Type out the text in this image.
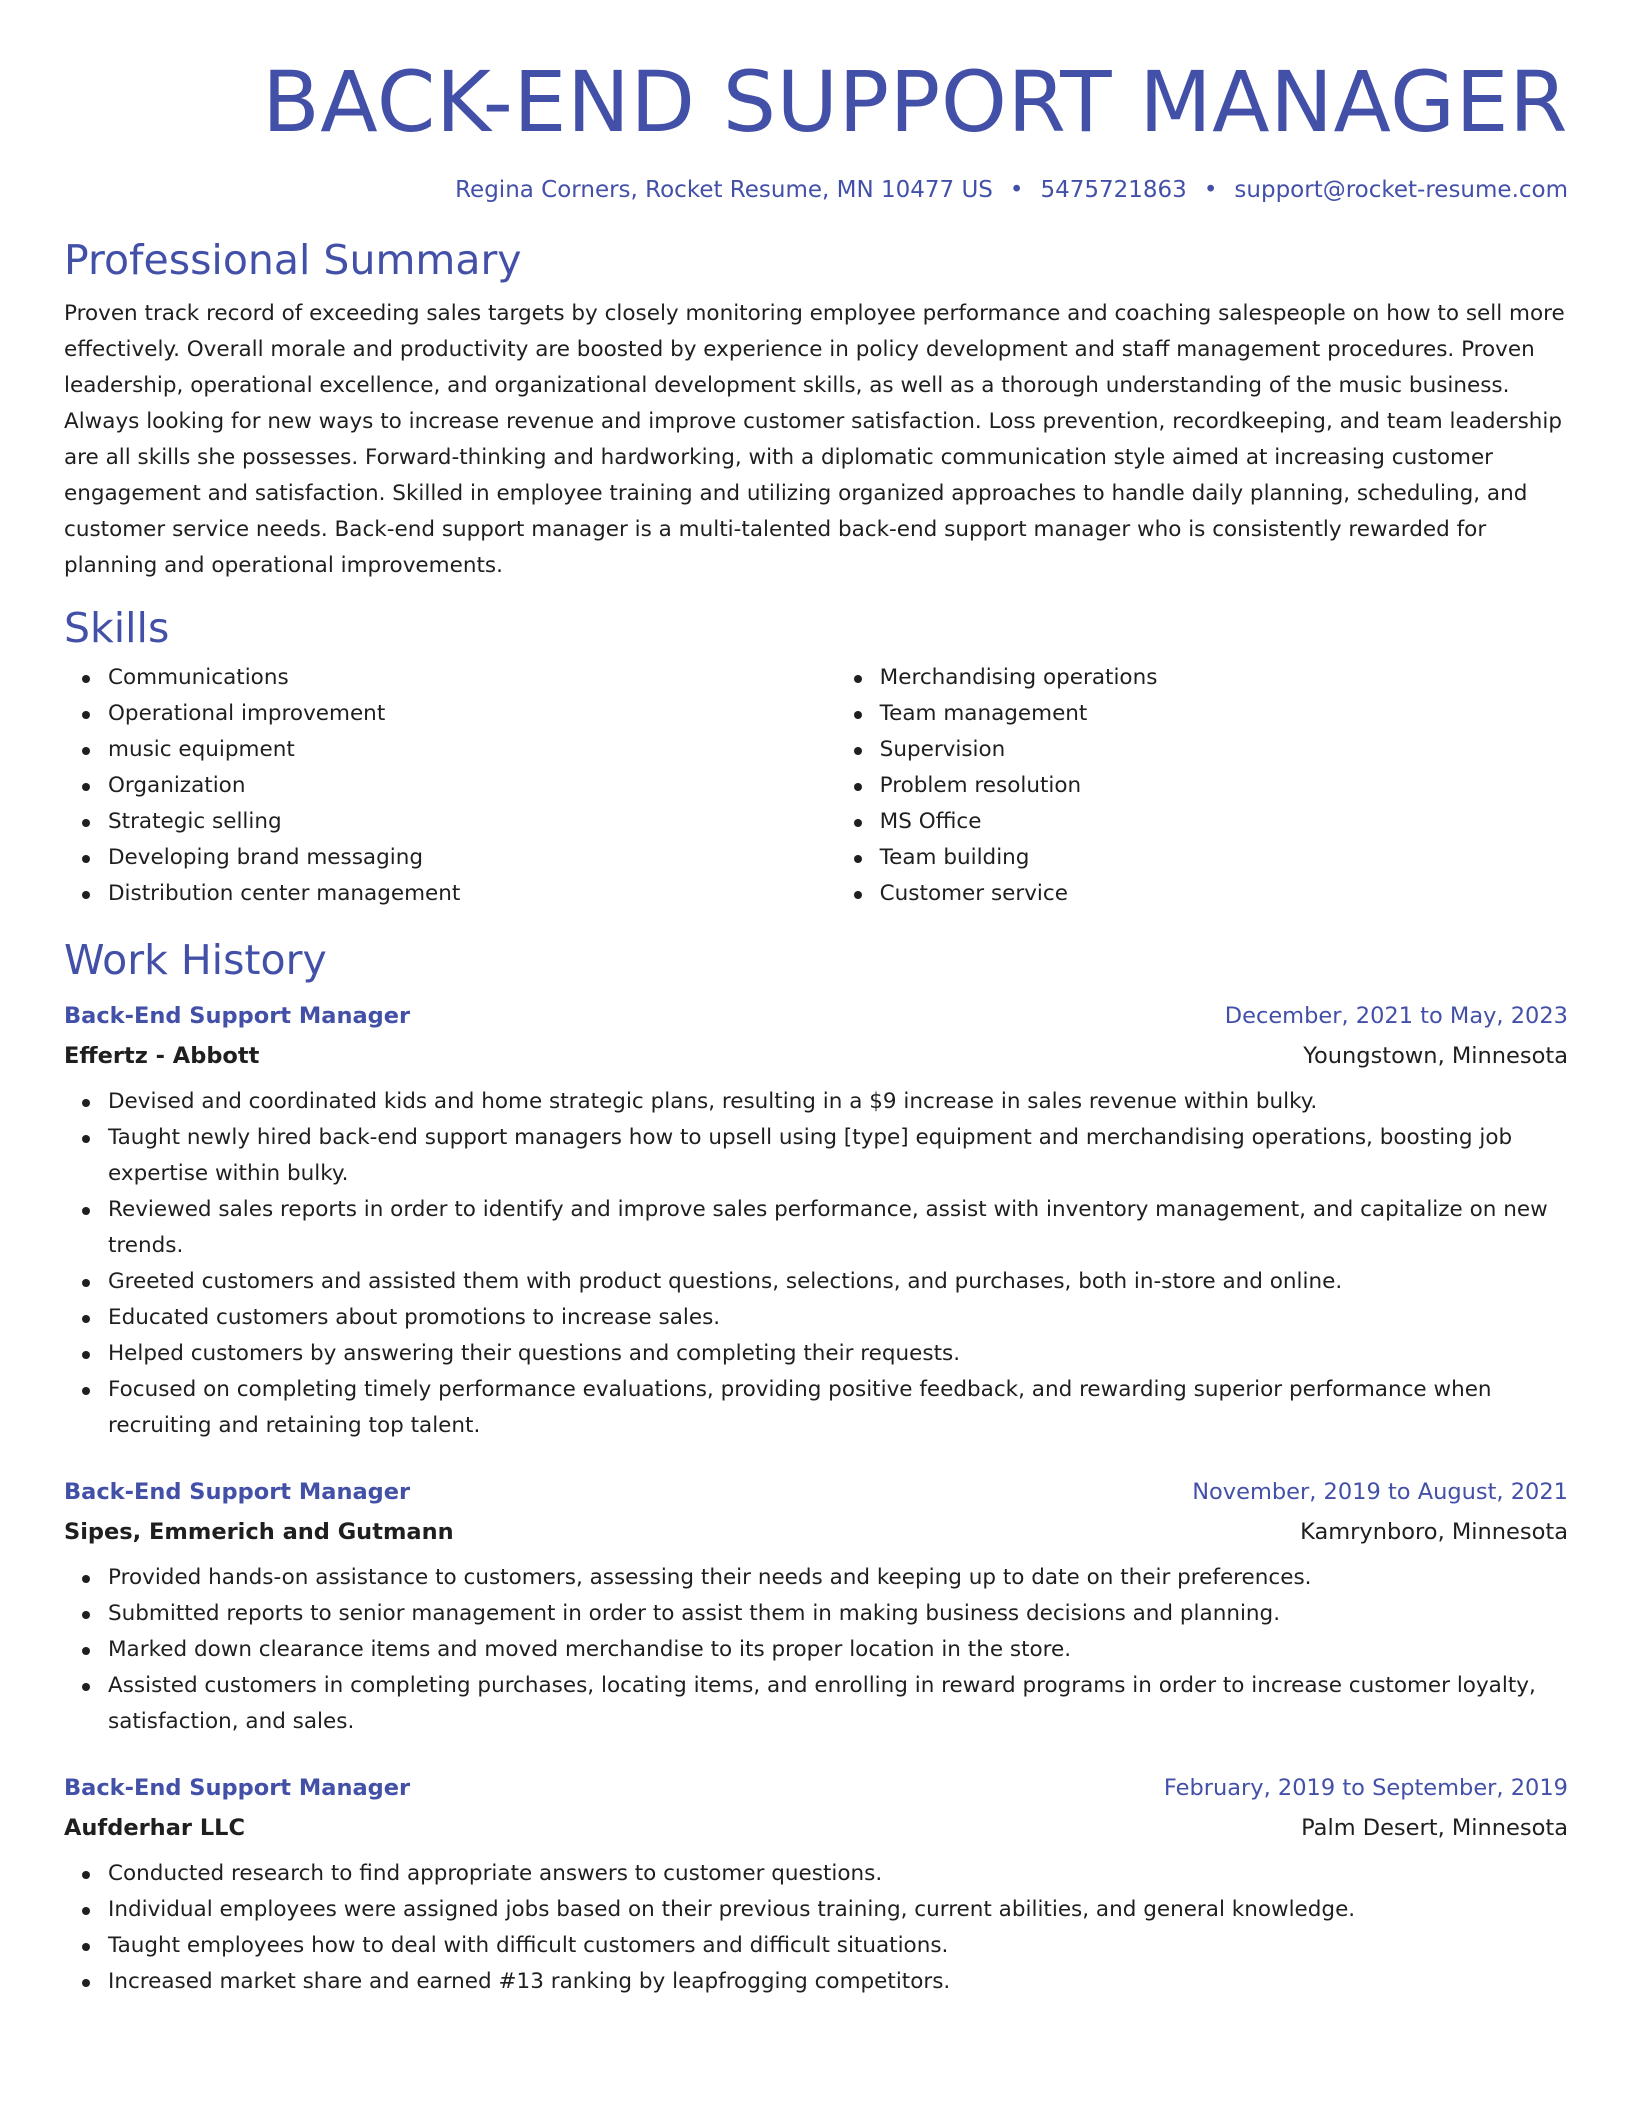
BACK-END SUPPORT MANAGER
Regina Corners, Rocket Resume, MN 10477 US • 5475721863 • support@rocket-resume.com
Professional Summary

Proven track record of exceeding sales targets by closely monitoring employee performance and coaching salespeople on how to sell more effectively. Overall morale and productivity are boosted by experience in policy development and staff management procedures. Proven leadership, operational excellence, and organizational development skills, as well as a thorough understanding of the music business. Always looking for new ways to increase revenue and improve customer satisfaction. Loss prevention, recordkeeping, and team leadership are all skills she possesses. Forward-thinking and hardworking, with a diplomatic communication style aimed at increasing customer engagement and satisfaction. Skilled in employee training and utilizing organized approaches to handle daily planning, scheduling, and customer service needs. Back-end support manager is a multi-talented back-end support manager who is consistently rewarded for planning and operational improvements.

Skills
Communications
Operational improvement
music equipment
Organization
Strategic selling
Developing brand messaging
Distribution center management
Merchandising operations
Team management
Supervision
Problem resolution
MS Office
Team building
Customer service
Work History
Back-End Support Manager	December, 2021 to May, 2023
Effertz - Abbott	Youngstown, Minnesota
Devised and coordinated kids and home strategic plans, resulting in a $9 increase in sales revenue within bulky.
Taught newly hired back-end support managers how to upsell using [type] equipment and merchandising operations, boosting job expertise within bulky.
Reviewed sales reports in order to identify and improve sales performance, assist with inventory management, and capitalize on new trends.
Greeted customers and assisted them with product questions, selections, and purchases, both in-store and online.
Educated customers about promotions to increase sales.
Helped customers by answering their questions and completing their requests.
Focused on completing timely performance evaluations, providing positive feedback, and rewarding superior performance when recruiting and retaining top talent.
Back-End Support Manager	November, 2019 to August, 2021
Sipes, Emmerich and Gutmann	Kamrynboro, Minnesota
Provided hands-on assistance to customers, assessing their needs and keeping up to date on their preferences.
Submitted reports to senior management in order to assist them in making business decisions and planning.
Marked down clearance items and moved merchandise to its proper location in the store.
Assisted customers in completing purchases, locating items, and enrolling in reward programs in order to increase customer loyalty, satisfaction, and sales.
Back-End Support Manager	February, 2019 to September, 2019
Aufderhar LLC	Palm Desert, Minnesota
Conducted research to find appropriate answers to customer questions.
Individual employees were assigned jobs based on their previous training, current abilities, and general knowledge.
Taught employees how to deal with difficult customers and difficult situations.
Increased market share and earned #13 ranking by leapfrogging competitors.
